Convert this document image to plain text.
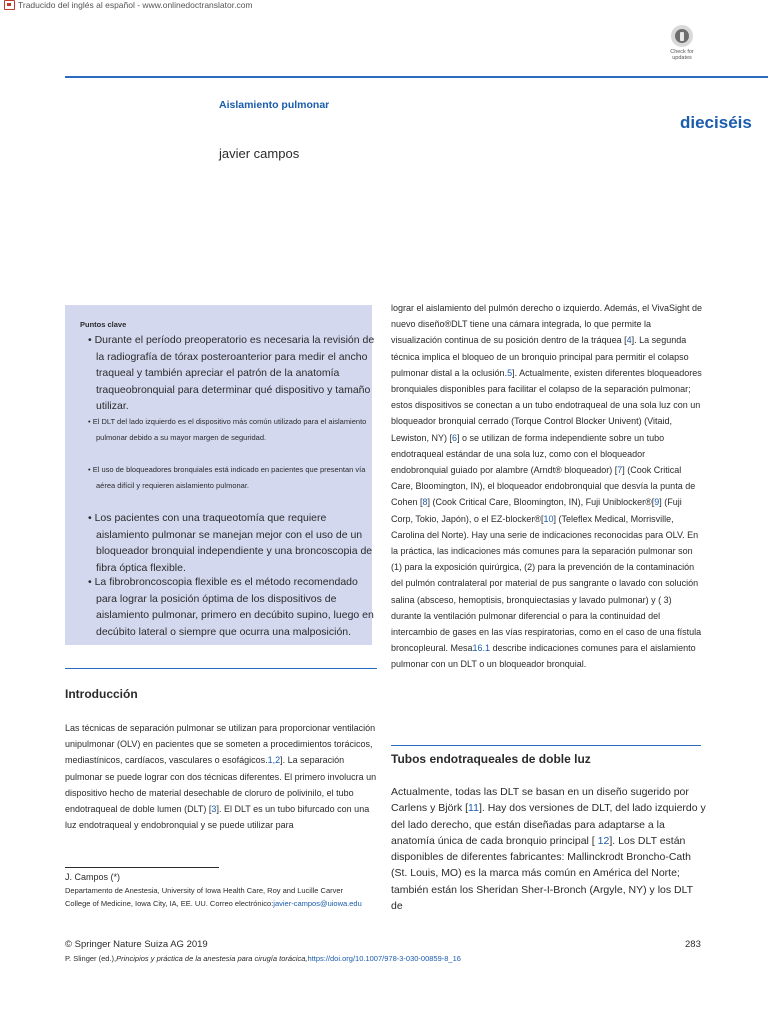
Traducido del inglés al español - www.onlinedoctranslator.com
Check for
updates
Aislamiento pulmonar
dieciséis
javier campos
Puntos clave

• Durante el período preoperatorio es necesaria la revisión de la radiografía de tórax posteroanterior para medir el ancho traqueal y también apreciar el patrón de la anatomía traqueobronquial para determinar qué dispositivo y tamaño utilizar.

• El DLT del lado izquierdo es el dispositivo más común utilizado para el aislamiento pulmonar debido a su mayor margen de seguridad.

• El uso de bloqueadores bronquiales está indicado en pacientes que presentan vía aérea difícil y requieren aislamiento pulmonar.

• Los pacientes con una traqueotomía que requiere aislamiento pulmonar se manejan mejor con el uso de un bloqueador bronquial independiente y una broncoscopia de fibra óptica flexible.

• La fibrobroncoscopia flexible es el método recomendado para lograr la posición óptima de los dispositivos de aislamiento pulmonar, primero en decúbito supino, luego en decúbito lateral o siempre que ocurra una malposición.

Introducción

Las técnicas de separación pulmonar se utilizan para proporcionar ventilación unipulmonar (OLV) en pacientes que se someten a procedimientos torácicos, mediastínicos, cardíacos, vasculares o esofágicos.1,2]. La separación pulmonar se puede lograr con dos técnicas diferentes. El primero involucra un dispositivo hecho de material desechable de cloruro de polivinilo, el tubo endotraqueal de doble lumen (DLT) [3]. El DLT es un tubo bifurcado con una luz endotraqueal y endobronquial y se puede utilizar para

lograr el aislamiento del pulmón derecho o izquierdo. Además, el VivaSight de nuevo diseño®DLT tiene una cámara integrada, lo que permite la visualización continua de su posición dentro de la tráquea [4]. La segunda técnica implica el bloqueo de un bronquio principal para permitir el colapso pulmonar distal a la oclusión.5]. Actualmente, existen diferentes bloqueadores bronquiales disponibles para facilitar el colapso de la separación pulmonar; estos dispositivos se conectan a un tubo endotraqueal de una sola luz con un bloqueador bronquial cerrado (Torque Control Blocker Univent) (Vitaid, Lewiston, NY) [6] o se utilizan de forma independiente sobre un tubo endotraqueal estándar de una sola luz, como con el bloqueador endobronquial guiado por alambre (Arndt® bloqueador) [7] (Cook Critical Care, Bloomington, IN), el bloqueador endobronquial que desvía la punta de Cohen [8] (Cook Critical Care, Bloomington, IN), Fuji Uniblocker®[9] (Fuji Corp, Tokio, Japón), o el EZ-blocker®[10] (Teleflex Medical, Morrisville, Carolina del Norte). Hay una serie de indicaciones reconocidas para OLV. En la práctica, las indicaciones más comunes para la separación pulmonar son (1) para la exposición quirúrgica, (2) para la prevención de la contaminación del pulmón contralateral por material de pus sangrante o lavado con solución salina (absceso, hemoptisis, bronquiectasias y lavado pulmonar) y ( 3) durante la ventilación pulmonar diferencial o para la continuidad del intercambio de gases en las vías respiratorias, como en el caso de una fístula broncopleural. Mesa16.1 describe indicaciones comunes para el aislamiento pulmonar con un DLT o un bloqueador bronquial.

Tubos endotraqueales de doble luz

Actualmente, todas las DLT se basan en un diseño sugerido por Carlens y Björk [11]. Hay dos versiones de DLT, del lado izquierdo y del lado derecho, que están diseñadas para adaptarse a la anatomía única de cada bronquio principal [ 12]. Los DLT están disponibles de diferentes fabricantes: Mallinckrodt Broncho-Cath (St. Louis, MO) es la marca más común en América del Norte; también están los Sheridan Sher-I-Bronch (Argyle, NY) y los DLT de

J. Campos (*)

Departamento de Anestesia, University of Iowa Health Care, Roy and Lucille Carver College of Medicine, Iowa City, IA, EE. UU. Correo electrónico:javier-campos@uiowa.edu

© Springer Nature Suiza AG 2019	283
P. Slinger (ed.),Principios y práctica de la anestesia para cirugía torácica,https://doi.org/10.1007/978-3-030-00859-8_16
